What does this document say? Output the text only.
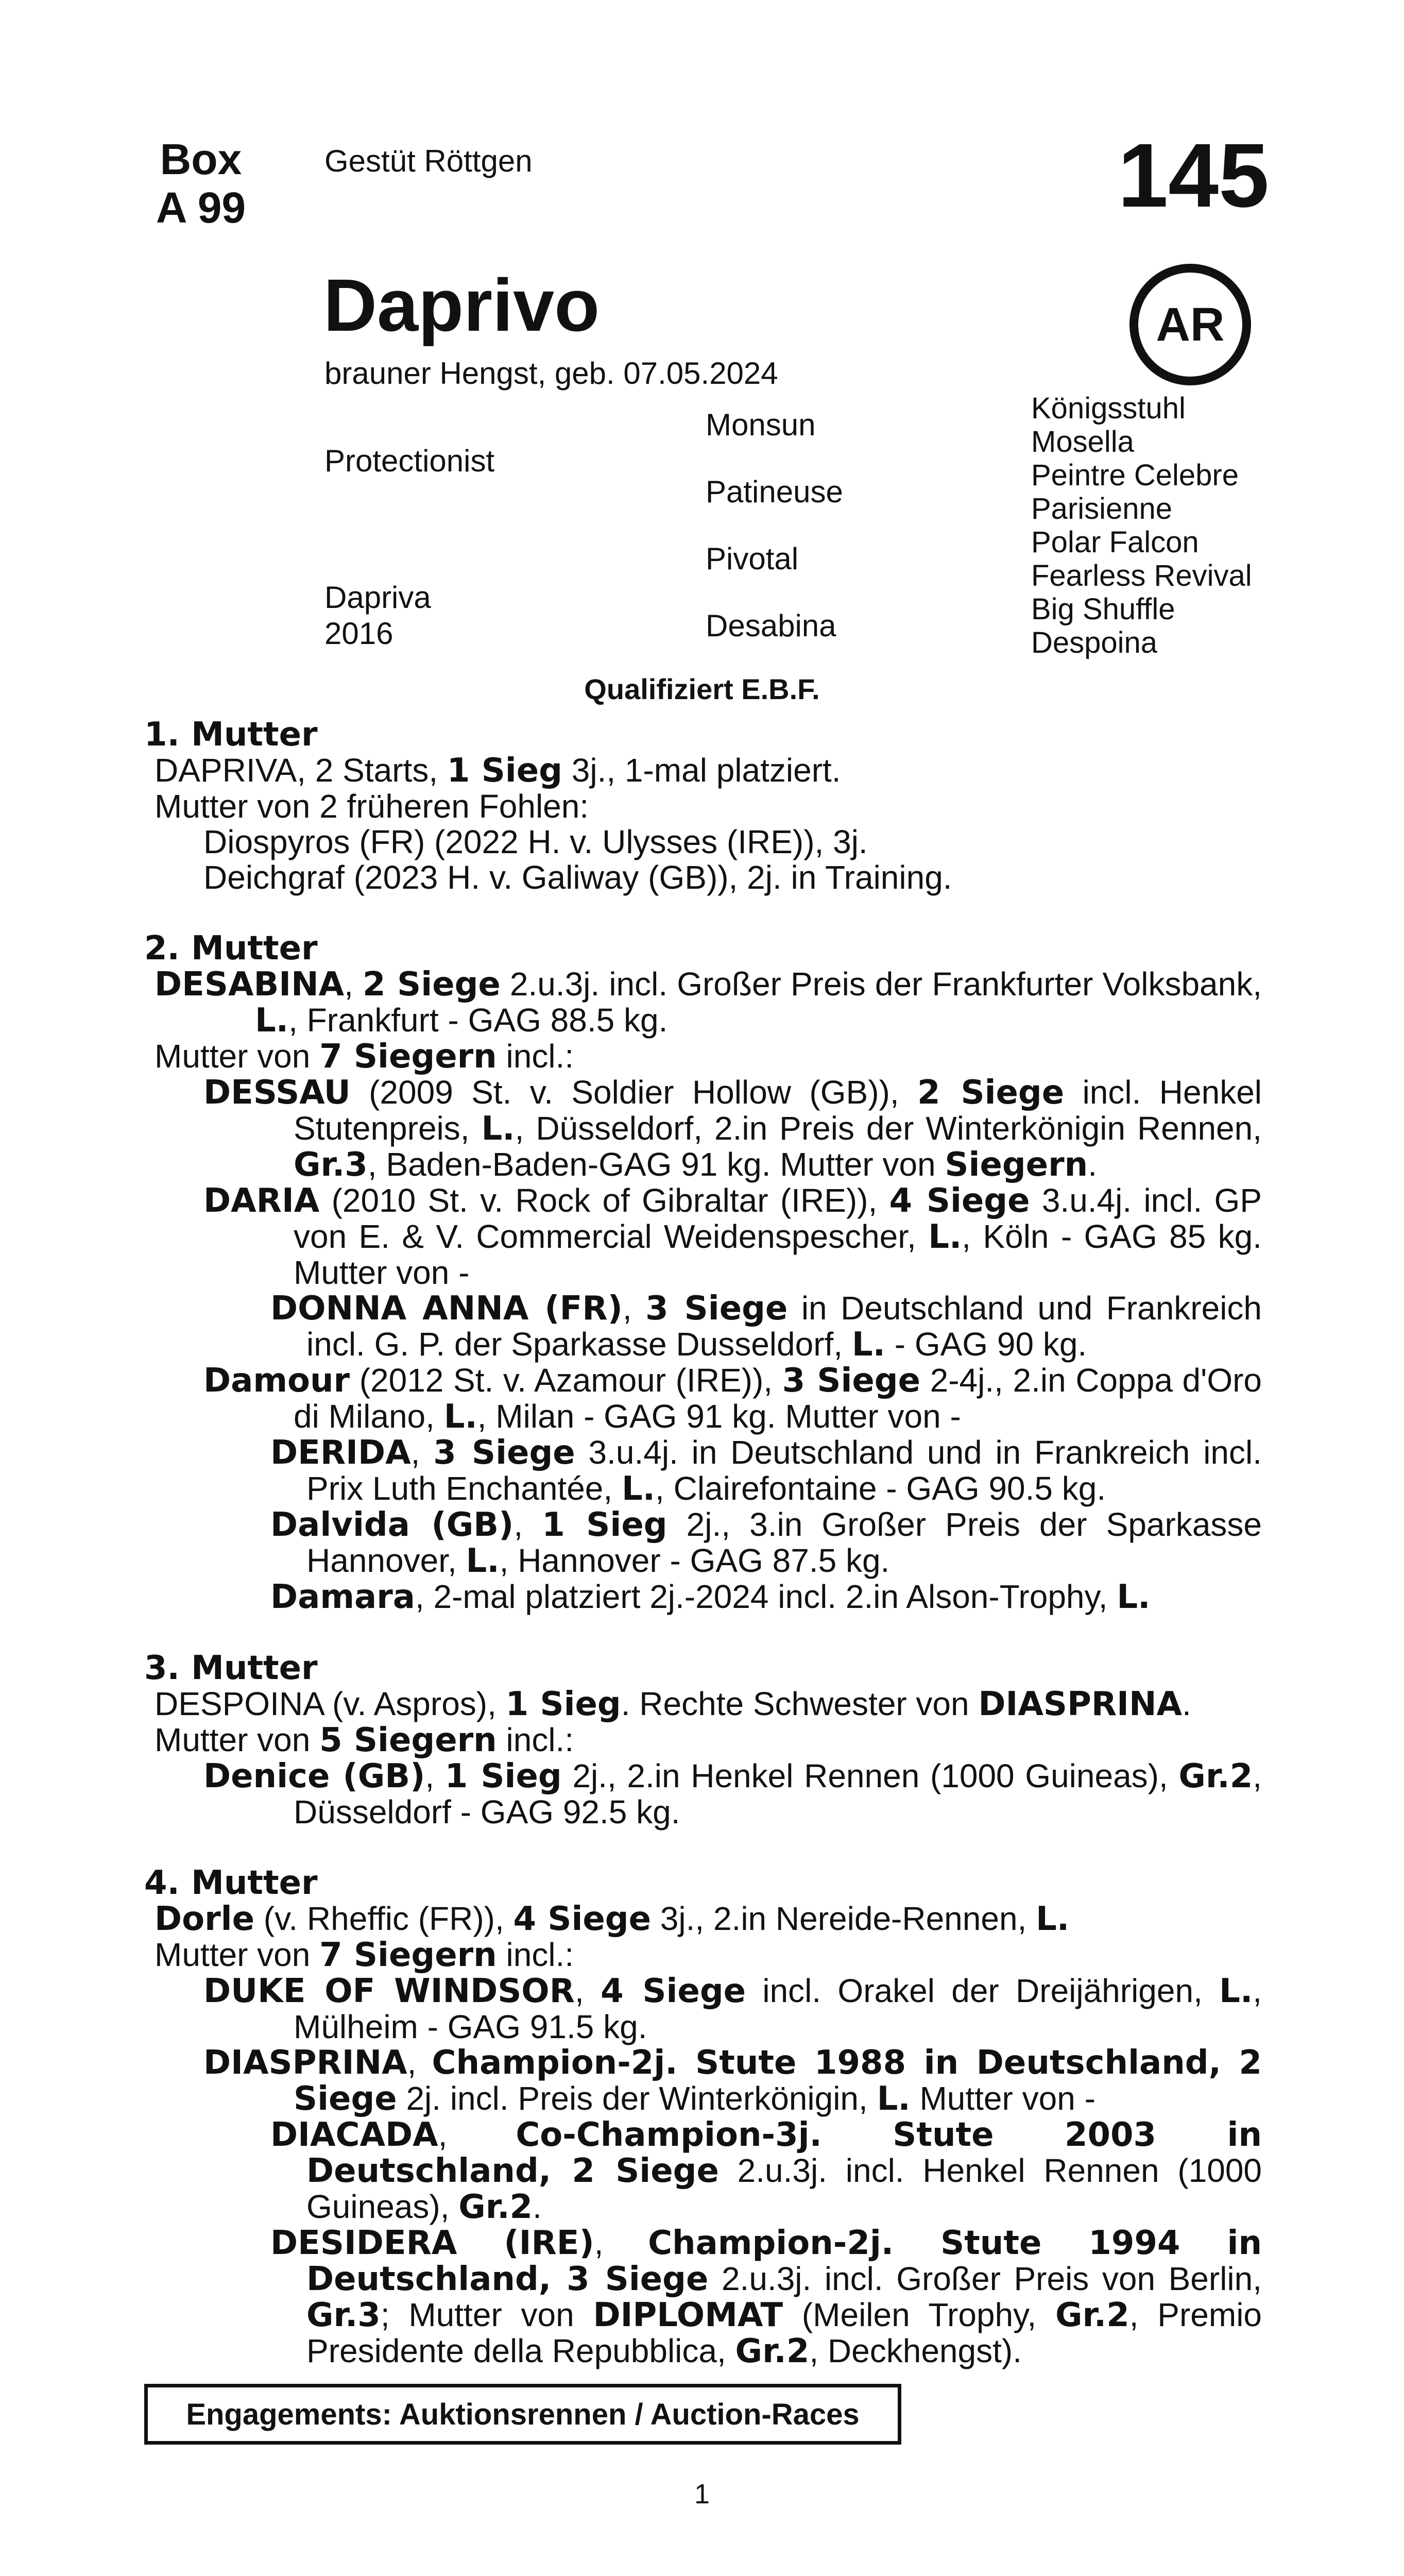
Box
A 99
Gestüt Röttgen	145
AR
Daprivo
brauner Hengst, geb. 07.05.2024
Protectionist
Dapriva
2016
Monsun
Patineuse
Pivotal
Desabina
Königsstuhl
Mosella
Peintre Celebre
Parisienne
Polar Falcon
Fearless Revival
Big Shuffle
Despoina
Qualifiziert E.B.F.
1. Mutter
DAPRIVA, 2 Starts, 1 Sieg 3j., 1-mal platziert.
Mutter von 2 früheren Fohlen:
Diospyros (FR) (2022 H. v. Ulysses (IRE)), 3j.
Deichgraf (2023 H. v. Galiway (GB)), 2j. in Training.
2. Mutter
DESABINA, 2 Siege 2.u.3j. incl. Großer Preis der Frankfurter Volksbank, L., Frankfurt - GAG 88.5 kg.
Mutter von 7 Siegern incl.:
DESSAU (2009 St. v. Soldier Hollow (GB)), 2 Siege incl. Henkel Stutenpreis, L., Düsseldorf, 2.in Preis der Winterkönigin Rennen, Gr.3, Baden-Baden-GAG 91 kg. Mutter von Siegern.
DARIA (2010 St. v. Rock of Gibraltar (IRE)), 4 Siege 3.u.4j. incl. GP von E. & V. Commercial Weidenspescher, L., Köln - GAG 85 kg. Mutter von -
DONNA ANNA (FR), 3 Siege in Deutschland und Frankreich incl. G. P. der Sparkasse Dusseldorf, L. - GAG 90 kg.
Damour (2012 St. v. Azamour (IRE)), 3 Siege 2-4j., 2.in Coppa d'Oro di Milano, L., Milan - GAG 91 kg. Mutter von -
DERIDA, 3 Siege 3.u.4j. in Deutschland und in Frankreich incl. Prix Luth Enchantée, L., Clairefontaine - GAG 90.5 kg.
Dalvida (GB), 1 Sieg 2j., 3.in Großer Preis der Sparkasse Hannover, L., Hannover - GAG 87.5 kg.
Damara, 2-mal platziert 2j.-2024 incl. 2.in Alson-Trophy, L.
3. Mutter
DESPOINA (v. Aspros), 1 Sieg. Rechte Schwester von DIASPRINA.
Mutter von 5 Siegern incl.:
Denice (GB), 1 Sieg 2j., 2.in Henkel Rennen (1000 Guineas), Gr.2, Düsseldorf - GAG 92.5 kg.
4. Mutter
Dorle (v. Rheffic (FR)), 4 Siege 3j., 2.in Nereide-Rennen, L.
Mutter von 7 Siegern incl.:
DUKE OF WINDSOR, 4 Siege incl. Orakel der Dreijährigen, L., Mülheim - GAG 91.5 kg.
DIASPRINA, Champion-2j. Stute 1988 in Deutschland, 2 Siege 2j. incl. Preis der Winterkönigin, L. Mutter von -
DIACADA, Co-Champion-3j. Stute 2003 in Deutschland, 2 Siege 2.u.3j. incl. Henkel Rennen (1000 Guineas), Gr.2.
DESIDERA (IRE), Champion-2j. Stute 1994 in Deutschland, 3 Siege 2.u.3j. incl. Großer Preis von Berlin, Gr.3; Mutter von DIPLOMAT (Meilen Trophy, Gr.2, Premio Presidente della Repubblica, Gr.2, Deckhengst).
Engagements: Auktionsrennen / Auction-Races
1
